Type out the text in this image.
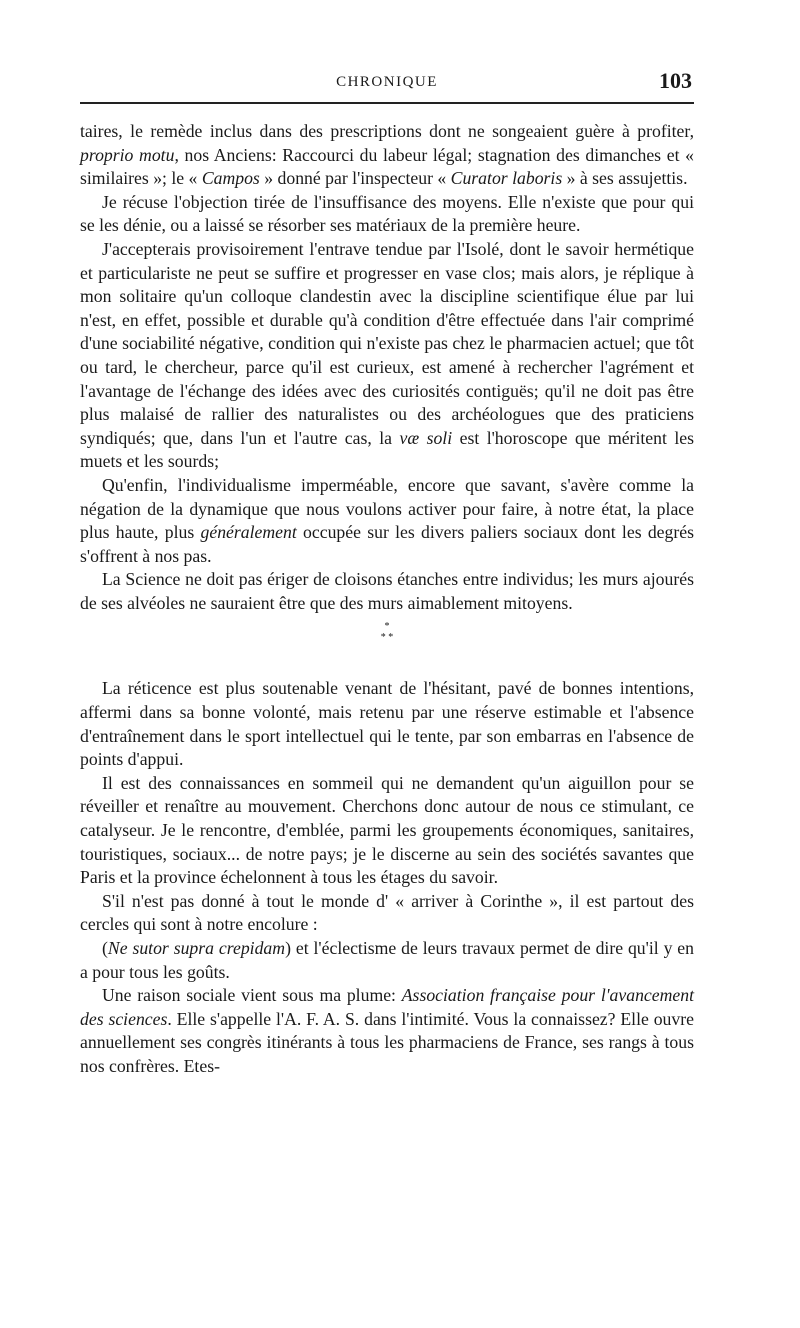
CHRONIQUE	103

taires, le remède inclus dans des prescriptions dont ne songeaient guère à profiter, proprio motu, nos Anciens: Raccourci du labeur légal; stagnation des dimanches et « similaires »; le « Campos » donné par l'inspecteur « Curator laboris » à ses assujettis.

Je récuse l'objection tirée de l'insuffisance des moyens. Elle n'existe que pour qui se les dénie, ou a laissé se résorber ses matériaux de la première heure.

J'accepterais provisoirement l'entrave tendue par l'Isolé, dont le savoir hermétique et particulariste ne peut se suffire et progresser en vase clos; mais alors, je réplique à mon solitaire qu'un colloque clandestin avec la discipline scientifique élue par lui n'est, en effet, possible et durable qu'à condition d'être effectuée dans l'air comprimé d'une sociabilité négative, condition qui n'existe pas chez le pharmacien actuel; que tôt ou tard, le chercheur, parce qu'il est curieux, est amené à rechercher l'agrément et l'avantage de l'échange des idées avec des curiosités contiguës; qu'il ne doit pas être plus malaisé de rallier des naturalistes ou des archéologues que des praticiens syndiqués; que, dans l'un et l'autre cas, la væ soli est l'horoscope que méritent les muets et les sourds;

Qu'enfin, l'individualisme imperméable, encore que savant, s'avère comme la négation de la dynamique que nous voulons activer pour faire, à notre état, la place plus haute, plus généralement occupée sur les divers paliers sociaux dont les degrés s'offrent à nos pas.

La Science ne doit pas ériger de cloisons étanches entre individus; les murs ajourés de ses alvéoles ne sauraient être que des murs aimablement mitoyens.

*
* *

La réticence est plus soutenable venant de l'hésitant, pavé de bonnes intentions, affermi dans sa bonne volonté, mais retenu par une réserve estimable et l'absence d'entraînement dans le sport intellectuel qui le tente, par son embarras en l'absence de points d'appui.

Il est des connaissances en sommeil qui ne demandent qu'un aiguillon pour se réveiller et renaître au mouvement. Cherchons donc autour de nous ce stimulant, ce catalyseur. Je le rencontre, d'emblée, parmi les groupements économiques, sanitaires, touristiques, sociaux... de notre pays; je le discerne au sein des sociétés savantes que Paris et la province échelonnent à tous les étages du savoir.

S'il n'est pas donné à tout le monde d' « arriver à Corinthe », il est partout des cercles qui sont à notre encolure :

(Ne sutor supra crepidam) et l'éclectisme de leurs travaux permet de dire qu'il y en a pour tous les goûts.

Une raison sociale vient sous ma plume: Association française pour l'avancement des sciences. Elle s'appelle l'A. F. A. S. dans l'intimité. Vous la connaissez? Elle ouvre annuellement ses congrès itinérants à tous les pharmaciens de France, ses rangs à tous nos confrères. Etes-
